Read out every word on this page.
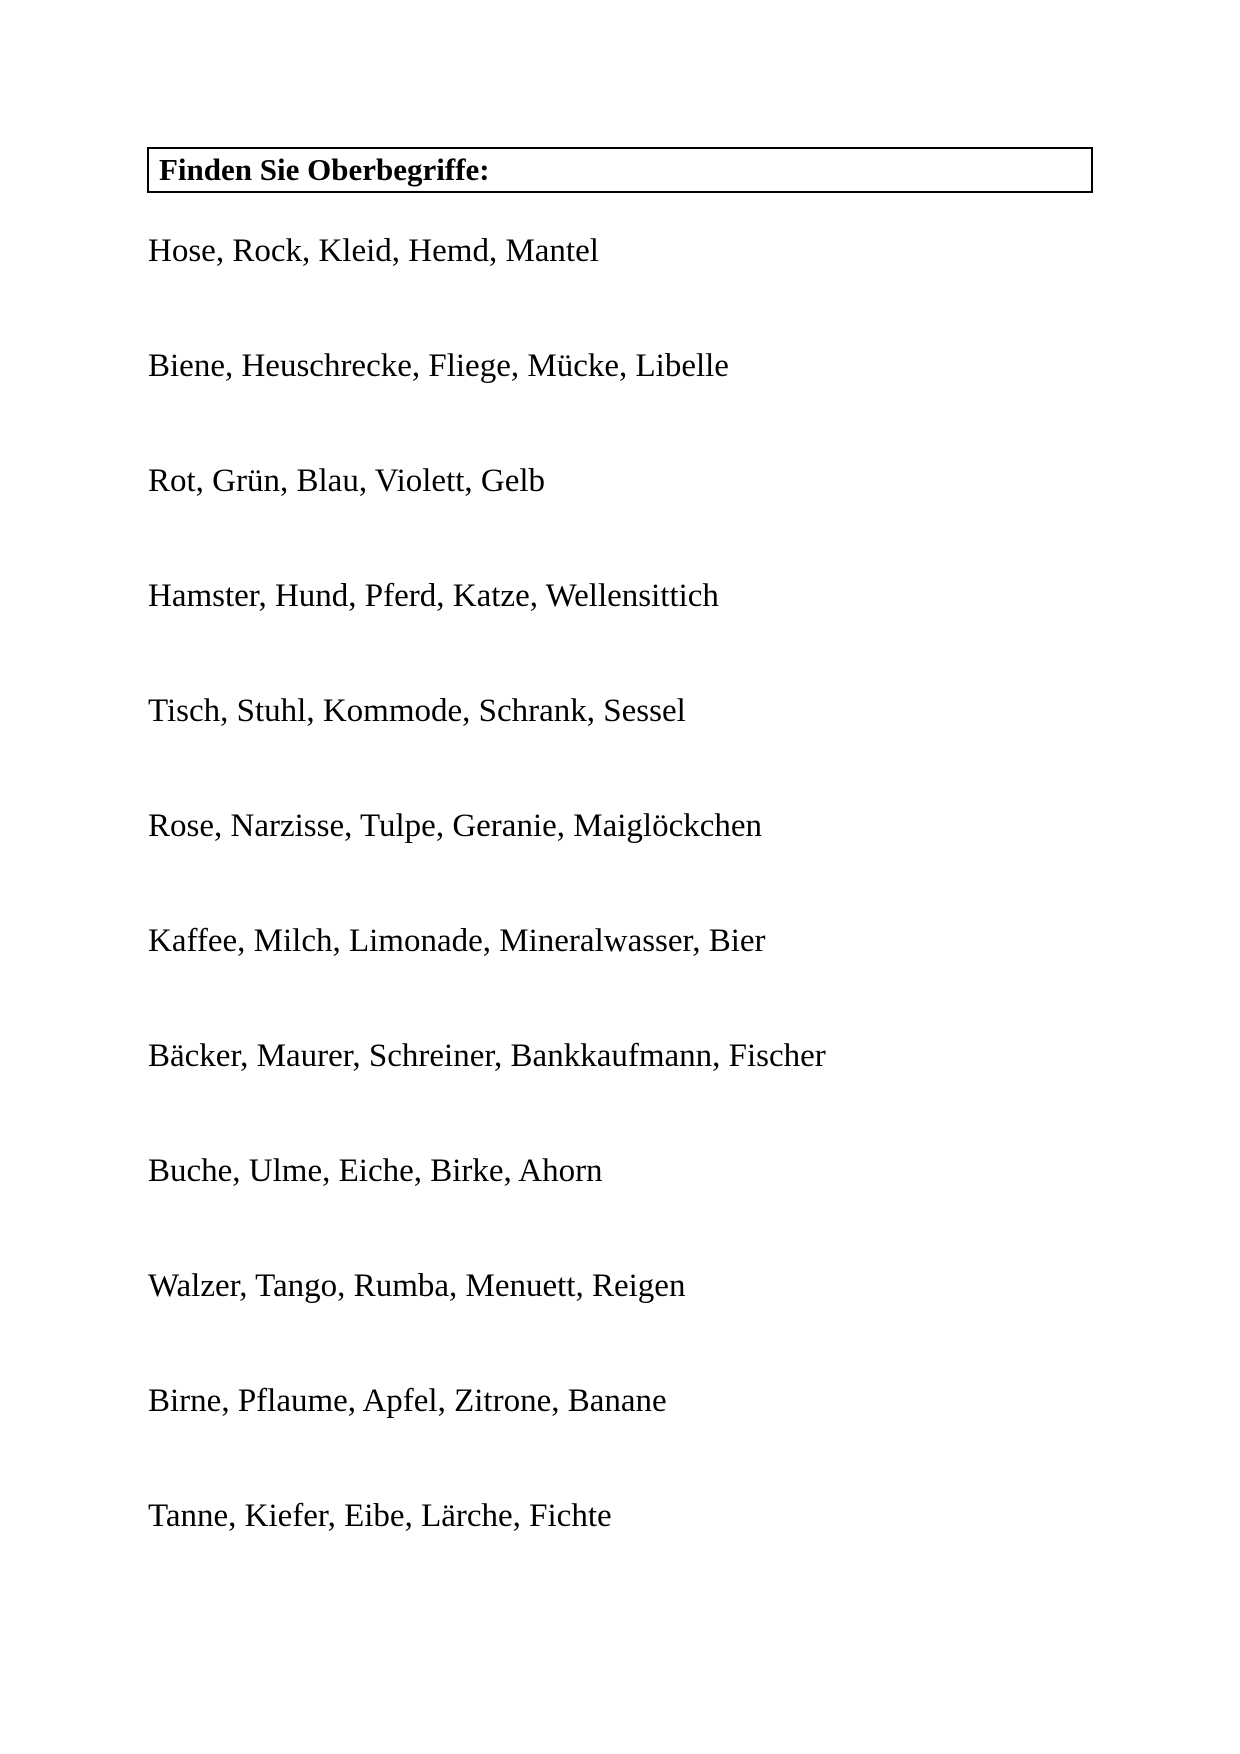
Finden Sie Oberbegriffe:
Hose, Rock, Kleid, Hemd, Mantel
Biene, Heuschrecke, Fliege, Mücke, Libelle
Rot, Grün, Blau, Violett, Gelb
Hamster, Hund, Pferd, Katze, Wellensittich
Tisch, Stuhl, Kommode, Schrank, Sessel
Rose, Narzisse, Tulpe, Geranie, Maiglöckchen
Kaffee, Milch, Limonade, Mineralwasser, Bier
Bäcker, Maurer, Schreiner, Bankkaufmann, Fischer
Buche, Ulme, Eiche, Birke, Ahorn
Walzer, Tango, Rumba, Menuett, Reigen
Birne, Pflaume, Apfel, Zitrone, Banane
Tanne, Kiefer, Eibe, Lärche, Fichte
